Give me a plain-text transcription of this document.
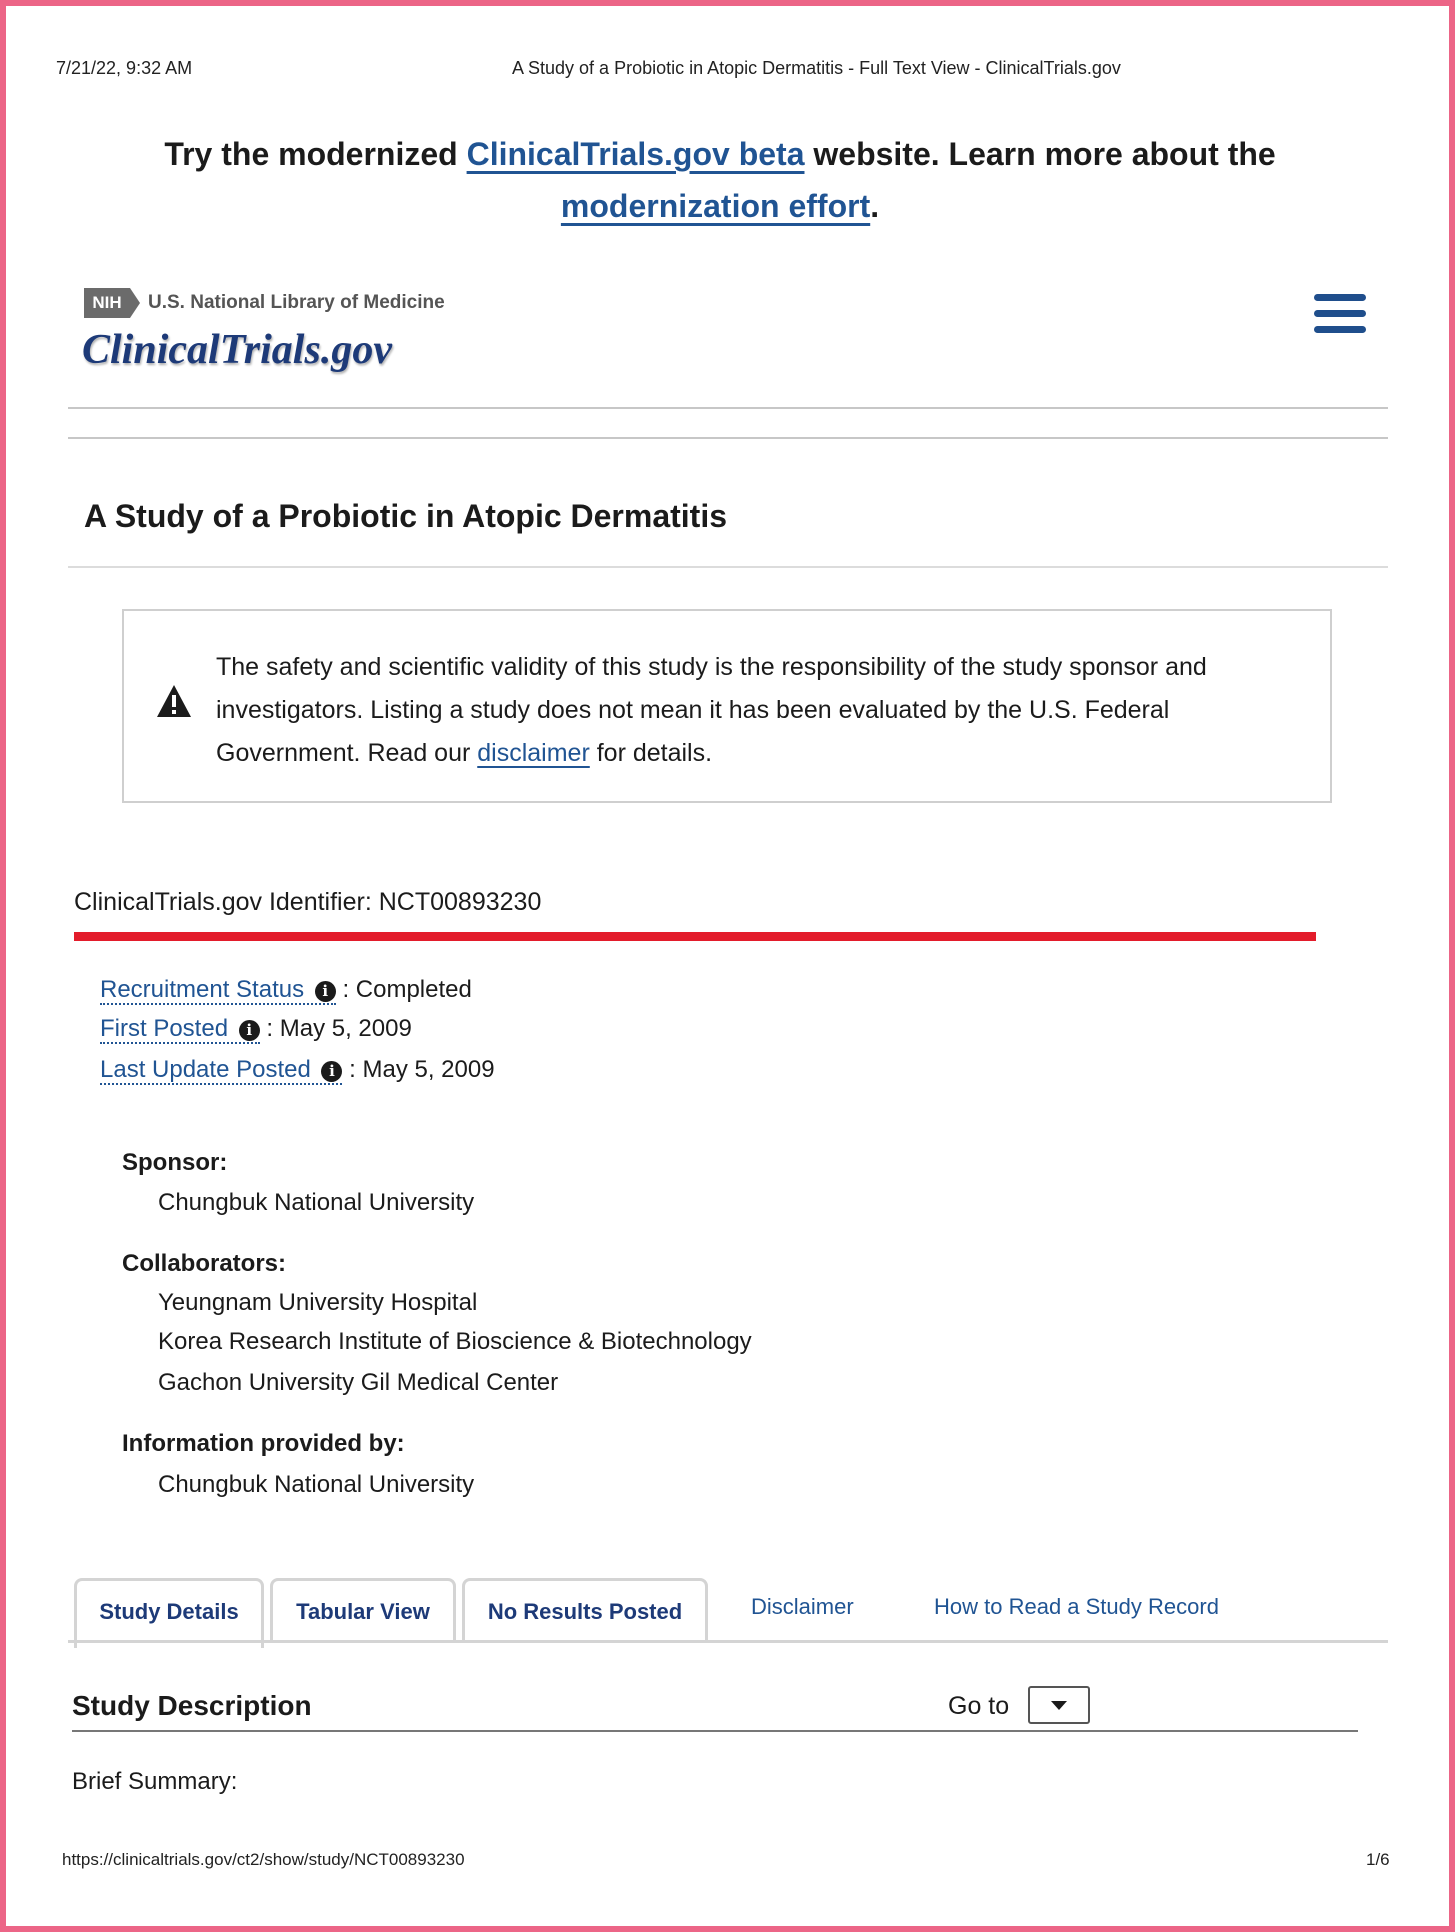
7/21/22, 9:32 AM	A Study of a Probiotic in Atopic Dermatitis - Full Text View - ClinicalTrials.gov
Try the modernized ClinicalTrials.gov beta website. Learn more about the
modernization effort.
NIH	U.S. National Library of Medicine
ClinicalTrials.gov
A Study of a Probiotic in Atopic Dermatitis
The safety and scientific validity of this study is the responsibility of the study sponsor and investigators. Listing a study does not mean it has been evaluated by the U.S. Federal Government. Read our disclaimer for details.
ClinicalTrials.gov Identifier: NCT00893230
Recruitment Status i : Completed
First Posted i : May 5, 2009
Last Update Posted i : May 5, 2009
Sponsor:
Chungbuk National University
Collaborators:
Yeungnam University Hospital
Korea Research Institute of Bioscience & Biotechnology
Gachon University Gil Medical Center
Information provided by:
Chungbuk National University
Study Details	Tabular View	No Results Posted	Disclaimer	How to Read a Study Record
Study Description	Go to
Brief Summary:
https://clinicaltrials.gov/ct2/show/study/NCT00893230	1/6
